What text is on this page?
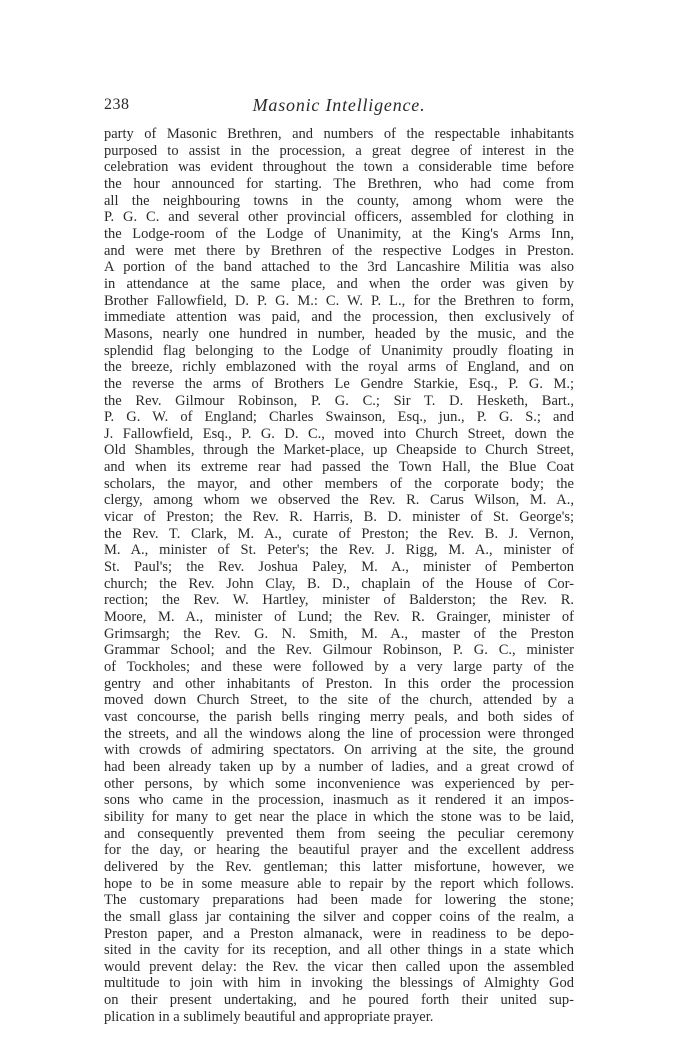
238	Masonic Intelligence.
party of Masonic Brethren, and numbers of the respectable inhabitants
purposed to assist in the procession, a great degree of interest in the
celebration was evident throughout the town a considerable time before
the hour announced for starting. The Brethren, who had come from
all the neighbouring towns in the county, among whom were the
P. G. C. and several other provincial officers, assembled for clothing in
the Lodge-room of the Lodge of Unanimity, at the King's Arms Inn,
and were met there by Brethren of the respective Lodges in Preston.
A portion of the band attached to the 3rd Lancashire Militia was also
in attendance at the same place, and when the order was given by
Brother Fallowfield, D. P. G. M.: C. W. P. L., for the Brethren to form,
immediate attention was paid, and the procession, then exclusively of
Masons, nearly one hundred in number, headed by the music, and the
splendid flag belonging to the Lodge of Unanimity proudly floating in
the breeze, richly emblazoned with the royal arms of England, and on
the reverse the arms of Brothers Le Gendre Starkie, Esq., P. G. M.;
the Rev. Gilmour Robinson, P. G. C.; Sir T. D. Hesketh, Bart.,
P. G. W. of England; Charles Swainson, Esq., jun., P. G. S.; and
J. Fallowfield, Esq., P. G. D. C., moved into Church Street, down the
Old Shambles, through the Market-place, up Cheapside to Church Street,
and when its extreme rear had passed the Town Hall, the Blue Coat
scholars, the mayor, and other members of the corporate body; the
clergy, among whom we observed the Rev. R. Carus Wilson, M. A.,
vicar of Preston; the Rev. R. Harris, B. D. minister of St. George's;
the Rev. T. Clark, M. A., curate of Preston; the Rev. B. J. Vernon,
M. A., minister of St. Peter's; the Rev. J. Rigg, M. A., minister of
St. Paul's; the Rev. Joshua Paley, M. A., minister of Pemberton
church; the Rev. John Clay, B. D., chaplain of the House of Cor-
rection; the Rev. W. Hartley, minister of Balderston; the Rev. R.
Moore, M. A., minister of Lund; the Rev. R. Grainger, minister of
Grimsargh; the Rev. G. N. Smith, M. A., master of the Preston
Grammar School; and the Rev. Gilmour Robinson, P. G. C., minister
of Tockholes; and these were followed by a very large party of the
gentry and other inhabitants of Preston. In this order the procession
moved down Church Street, to the site of the church, attended by a
vast concourse, the parish bells ringing merry peals, and both sides of
the streets, and all the windows along the line of procession were thronged
with crowds of admiring spectators. On arriving at the site, the ground
had been already taken up by a number of ladies, and a great crowd of
other persons, by which some inconvenience was experienced by per-
sons who came in the procession, inasmuch as it rendered it an impos-
sibility for many to get near the place in which the stone was to be laid,
and consequently prevented them from seeing the peculiar ceremony
for the day, or hearing the beautiful prayer and the excellent address
delivered by the Rev. gentleman; this latter misfortune, however, we
hope to be in some measure able to repair by the report which follows.
The customary preparations had been made for lowering the stone;
the small glass jar containing the silver and copper coins of the realm, a
Preston paper, and a Preston almanack, were in readiness to be depo-
sited in the cavity for its reception, and all other things in a state which
would prevent delay: the Rev. the vicar then called upon the assembled
multitude to join with him in invoking the blessings of Almighty God
on their present undertaking, and he poured forth their united sup-
plication in a sublimely beautiful and appropriate prayer.
